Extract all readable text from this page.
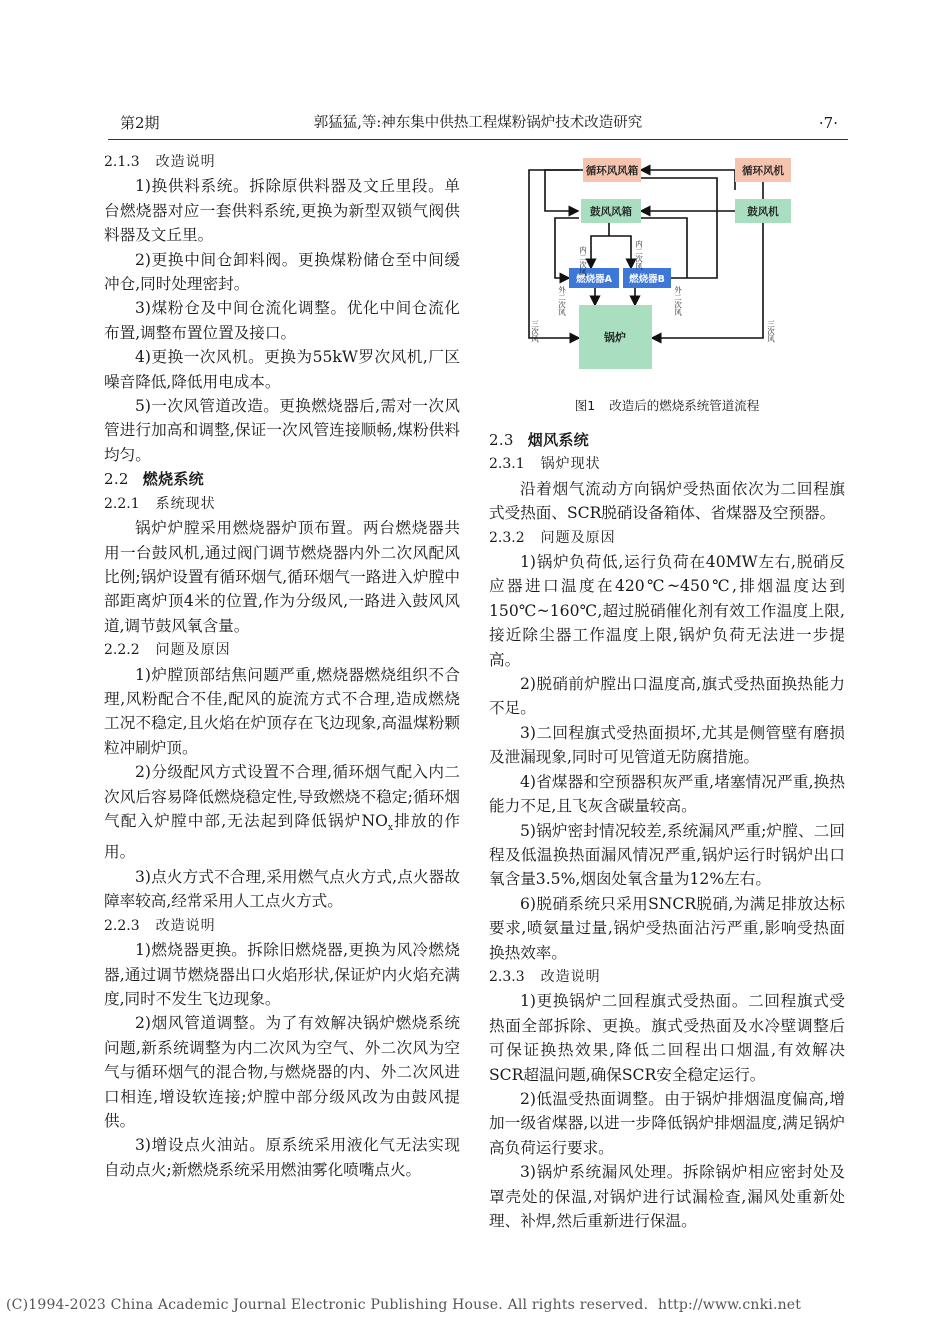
第2期	郭猛猛,等:神东集中供热工程煤粉锅炉技术改造研究	·7·

2.1.3 改造说明

1)换供料系统。拆除原供料器及文丘里段。单台燃烧器对应一套供料系统,更换为新型双锁气阀供料器及文丘里。

2)更换中间仓卸料阀。更换煤粉储仓至中间缓冲仓,同时处理密封。

3)煤粉仓及中间仓流化调整。优化中间仓流化布置,调整布置位置及接口。

4)更换一次风机。更换为55kW罗次风机,厂区噪音降低,降低用电成本。

5)一次风管道改造。更换燃烧器后,需对一次风管进行加高和调整,保证一次风管连接顺畅,煤粉供料均匀。

2.2 燃烧系统

2.2.1 系统现状

锅炉炉膛采用燃烧器炉顶布置。两台燃烧器共用一台鼓风机,通过阀门调节燃烧器内外二次风配风比例;锅炉设置有循环烟气,循环烟气一路进入炉膛中部距离炉顶4米的位置,作为分级风,一路进入鼓风风道,调节鼓风氧含量。

2.2.2 问题及原因

1)炉膛顶部结焦问题严重,燃烧器燃烧组织不合理,风粉配合不佳,配风的旋流方式不合理,造成燃烧工况不稳定,且火焰在炉顶存在飞边现象,高温煤粉颗粒冲刷炉顶。

2)分级配风方式设置不合理,循环烟气配入内二次风后容易降低燃烧稳定性,导致燃烧不稳定;循环烟气配入炉膛中部,无法起到降低锅炉$NO_x$排放的作用。

3)点火方式不合理,采用燃气点火方式,点火器故障率较高,经常采用人工点火方式。

2.2.3 改造说明

1)燃烧器更换。拆除旧燃烧器,更换为风冷燃烧器,通过调节燃烧器出口火焰形状,保证炉内火焰充满度,同时不发生飞边现象。

2)烟风管道调整。为了有效解决锅炉燃烧系统问题,新系统调整为内二次风为空气、外二次风为空气与循环烟气的混合物,与燃烧器的内、外二次风进口相连,增设软连接;炉膛中部分级风改为由鼓风提供。

3)增设点火油站。原系统采用液化气无法实现自动点火;新燃烧系统采用燃油雾化喷嘴点火。

循环风风箱	循环风机
鼓风风箱	鼓风机
燃烧器A 燃烧器B
锅炉
内二次风	内二次风
外二次风	外二次风
三次风	三次风
图1 改造后的燃烧系统管道流程

2.3 烟风系统

2.3.1 锅炉现状

沿着烟气流动方向锅炉受热面依次为二回程旗式受热面、SCR脱硝设备箱体、省煤器及空预器。

2.3.2 问题及原因

1)锅炉负荷低,运行负荷在40MW左右,脱硝反应器进口温度在420℃~450℃,排烟温度达到150℃~160℃,超过脱硝催化剂有效工作温度上限,接近除尘器工作温度上限,锅炉负荷无法进一步提高。

2)脱硝前炉膛出口温度高,旗式受热面换热能力不足。

3)二回程旗式受热面损坏,尤其是侧管壁有磨损及泄漏现象,同时可见管道无防腐措施。

4)省煤器和空预器积灰严重,堵塞情况严重,换热能力不足,且飞灰含碳量较高。

5)锅炉密封情况较差,系统漏风严重;炉膛、二回程及低温换热面漏风情况严重,锅炉运行时锅炉出口氧含量3.5%,烟囱处氧含量为12%左右。

6)脱硝系统只采用SNCR脱硝,为满足排放达标要求,喷氨量过量,锅炉受热面沾污严重,影响受热面换热效率。

2.3.3 改造说明

1)更换锅炉二回程旗式受热面。二回程旗式受热面全部拆除、更换。旗式受热面及水冷壁调整后可保证换热效果,降低二回程出口烟温,有效解决SCR超温问题,确保SCR安全稳定运行。

2)低温受热面调整。由于锅炉排烟温度偏高,增加一级省煤器,以进一步降低锅炉排烟温度,满足锅炉高负荷运行要求。

3)锅炉系统漏风处理。拆除锅炉相应密封处及罩壳处的保温,对锅炉进行试漏检查,漏风处重新处理、补焊,然后重新进行保温。

(C)1994-2023 China Academic Journal Electronic Publishing House. All rights reserved. http://www.cnki.net
